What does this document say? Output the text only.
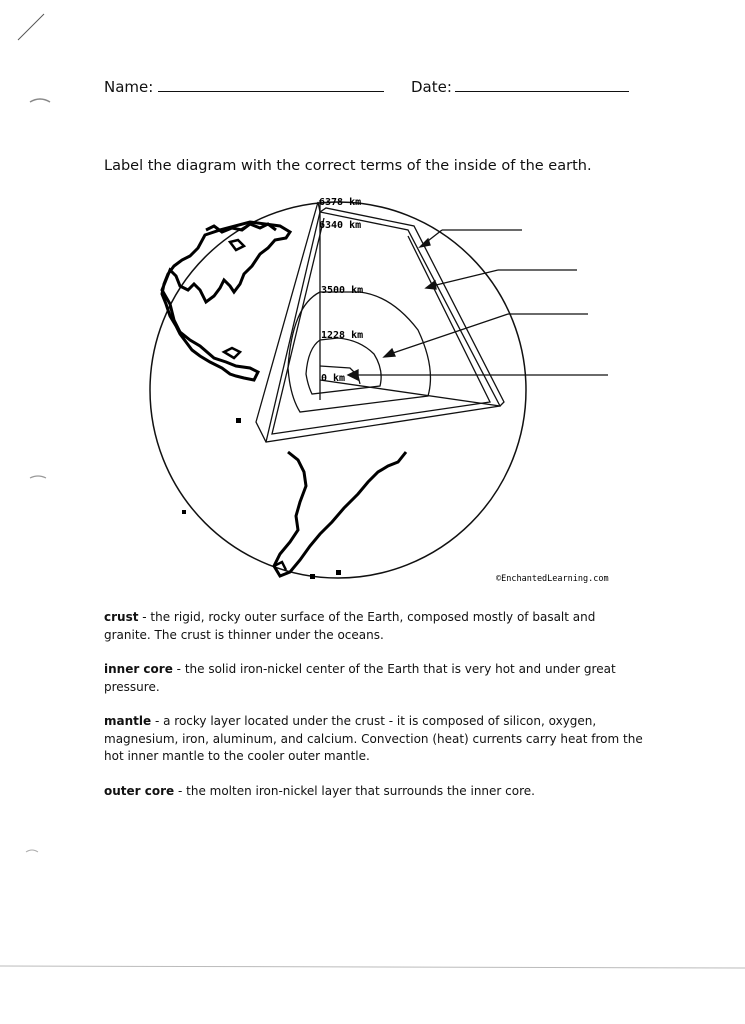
Name:	Date:
Label the diagram with the correct terms of the inside of the earth.
6378 km
6340 km
3500 km
1228 km
0 km
©EnchantedLearning.com

crust - the rigid, rocky outer surface of the Earth, composed mostly of basalt and granite. The crust is thinner under the oceans.

inner core - the solid iron-nickel center of the Earth that is very hot and under great pressure.

mantle - a rocky layer located under the crust - it is composed of silicon, oxygen, magnesium, iron, aluminum, and calcium. Convection (heat) currents carry heat from the hot inner mantle to the cooler outer mantle.

outer core - the molten iron-nickel layer that surrounds the inner core.
